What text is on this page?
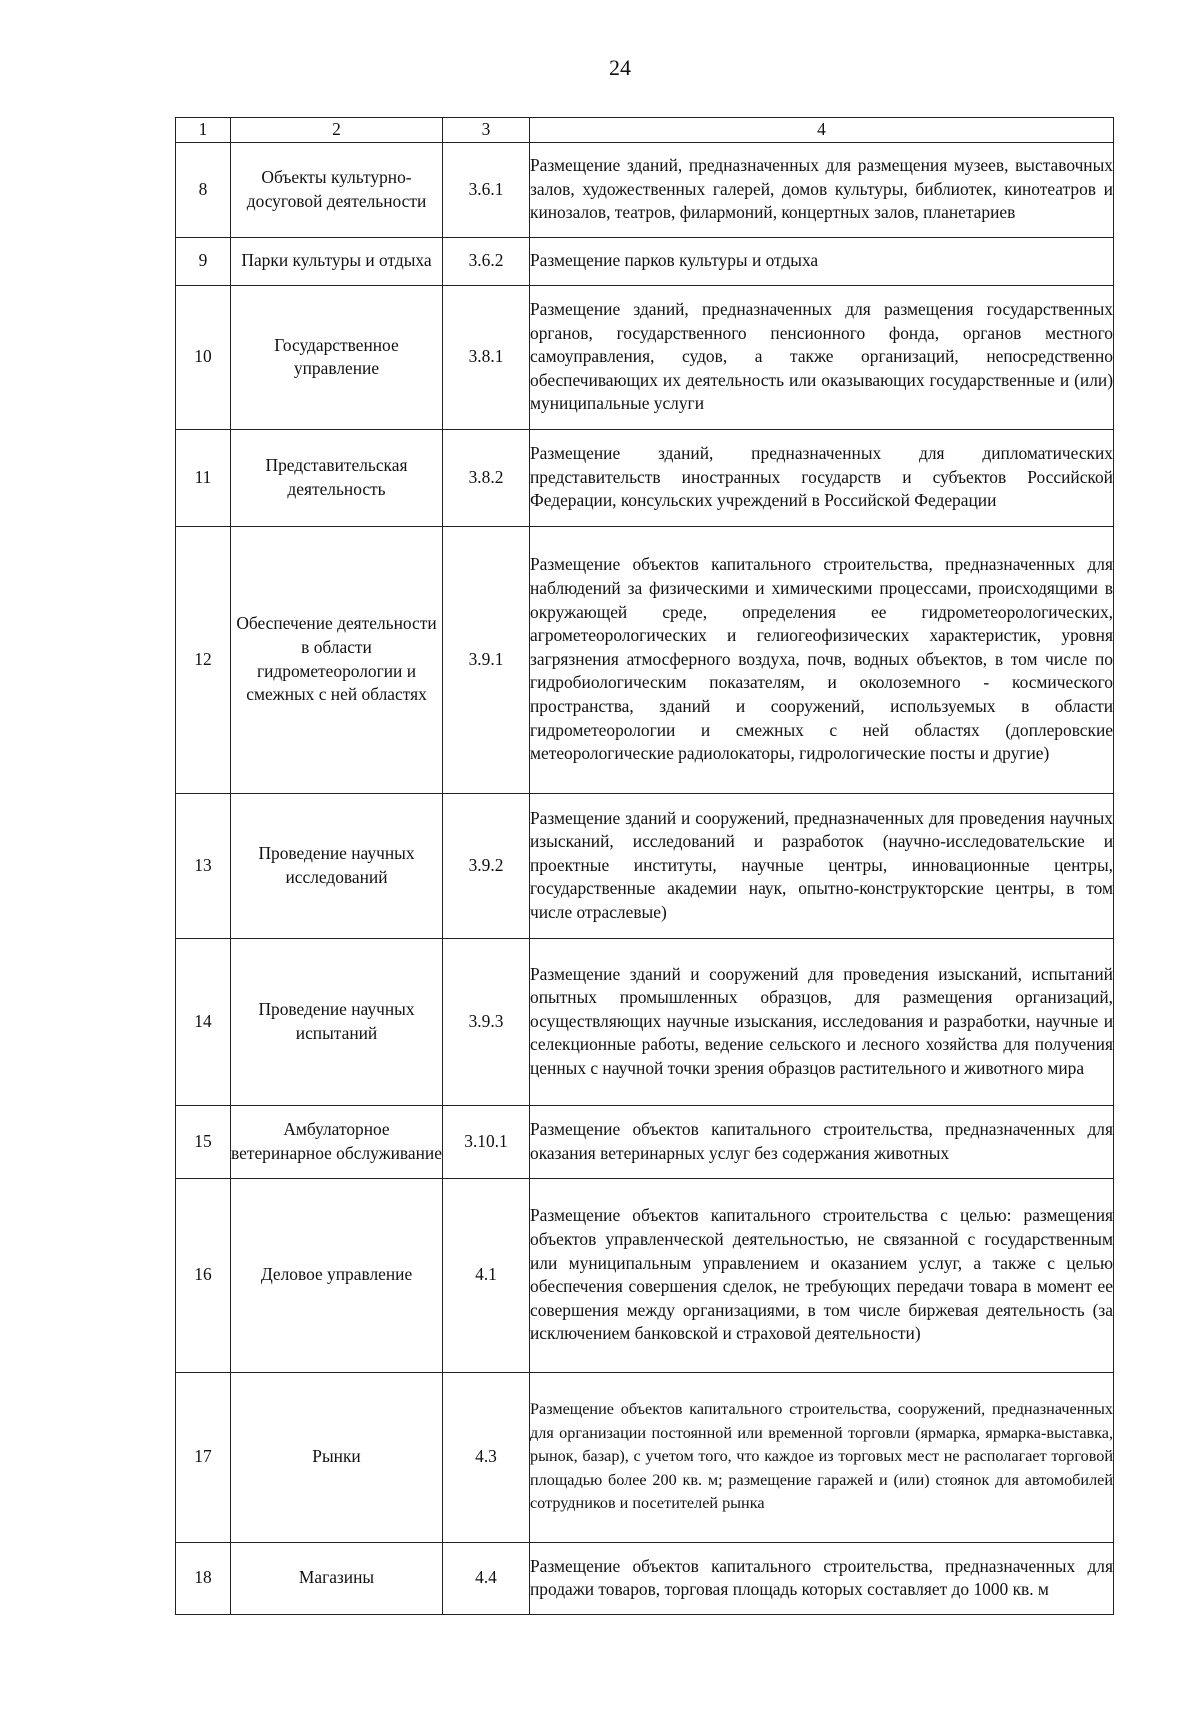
24
1	2	3	4
8	Объекты культурно-досуговой деятельности	3.6.1	Размещение зданий, предназначенных для размещения музеев, выставочных залов, художественных галерей, домов культуры, библиотек, кинотеатров и кинозалов, театров, филармоний, концертных залов, планетариев
9	Парки культуры и отдыха	3.6.2	Размещение парков культуры и отдыха
10	Государственное управление	3.8.1	Размещение зданий, предназначенных для размещения государственных органов, государственного пенсионного фонда, органов местного самоуправления, судов, а также организаций, непосредственно обеспечивающих их деятельность или оказывающих государственные и (или) муниципальные услуги
11	Представительская деятельность	3.8.2	Размещение зданий, предназначенных для дипломатических представительств иностранных государств и субъектов Российской Федерации, консульских учреждений в Российской Федерации
12	Обеспечение деятельности в области гидрометеорологии и смежных с ней областях	3.9.1	Размещение объектов капитального строительства, предназначенных для наблюдений за физическими и химическими процессами, происходящими в окружающей среде, определения ее гидрометеорологических, агрометеорологических и гелиогеофизических характеристик, уровня загрязнения атмосферного воздуха, почв, водных объектов, в том числе по гидробиологическим показателям, и околоземного - космического пространства, зданий и сооружений, используемых в области гидрометеорологии и смежных с ней областях (доплеровские метеорологические радиолокаторы, гидрологические посты и другие)
13	Проведение научных исследований	3.9.2	Размещение зданий и сооружений, предназначенных для проведения научных изысканий, исследований и разработок (научно-исследовательские и проектные институты, научные центры, инновационные центры, государственные академии наук, опытно-конструкторские центры, в том числе отраслевые)
14	Проведение научных испытаний	3.9.3	Размещение зданий и сооружений для проведения изысканий, испытаний опытных промышленных образцов, для размещения организаций, осуществляющих научные изыскания, исследования и разработки, научные и селекционные работы, ведение сельского и лесного хозяйства для получения ценных с научной точки зрения образцов растительного и животного мира
15	Амбулаторное ветеринарное обслуживание	3.10.1	Размещение объектов капитального строительства, предназначенных для оказания ветеринарных услуг без содержания животных
16	Деловое управление	4.1	Размещение объектов капитального строительства с целью: размещения объектов управленческой деятельностью, не связанной с государственным или муниципальным управлением и оказанием услуг, а также с целью обеспечения совершения сделок, не требующих передачи товара в момент ее совершения между организациями, в том числе биржевая деятельность (за исключением банковской и страховой деятельности)
17	Рынки	4.3	Размещение объектов капитального строительства, сооружений, предназначенных для организации постоянной или временной торговли (ярмарка, ярмарка-выставка, рынок, базар), с учетом того, что каждое из торговых мест не располагает торговой площадью более 200 кв. м; размещение гаражей и (или) стоянок для автомобилей сотрудников и посетителей рынка
18	Магазины	4.4	Размещение объектов капитального строительства, предназначенных для продажи товаров, торговая площадь которых составляет до 1000 кв. м
